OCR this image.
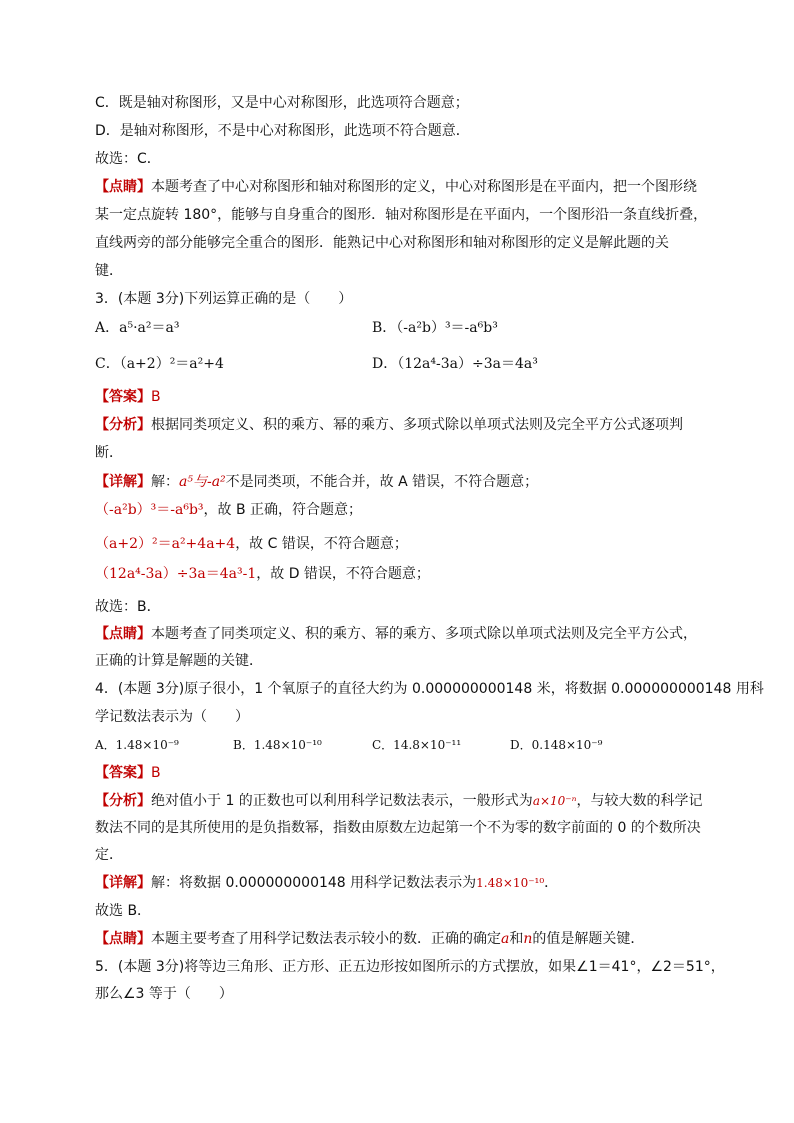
C．既是轴对称图形，又是中心对称图形，此选项符合题意；
D．是轴对称图形，不是中心对称图形，此选项不符合题意．
故选：C．
【点睛】本题考查了中心对称图形和轴对称图形的定义，中心对称图形是在平面内，把一个图形绕
某一定点旋转 180°，能够与自身重合的图形．轴对称图形是在平面内，一个图形沿一条直线折叠，
直线两旁的部分能够完全重合的图形．能熟记中心对称图形和轴对称图形的定义是解此题的关
键．
3．(本题 3分)下列运算正确的是（　　）
A．a⁵·a²＝a³	B．（-a²b）³＝-a⁶b³
C．（a+2）²＝a²+4	D．（12a⁴-3a）÷3a＝4a³
【答案】B
【分析】根据同类项定义、积的乘方、幂的乘方、多项式除以单项式法则及完全平方公式逐项判
断．
【详解】解：a⁵与-a²不是同类项，不能合并，故 A 错误，不符合题意；
（-a²b）³＝-a⁶b³，故 B 正确，符合题意；
（a+2）²＝a²+4a+4，故 C 错误，不符合题意；
（12a⁴-3a）÷3a＝4a³-1，故 D 错误，不符合题意；
故选：B．
【点睛】本题考查了同类项定义、积的乘方、幂的乘方、多项式除以单项式法则及完全平方公式，
正确的计算是解题的关键．
4．(本题 3分)原子很小，1 个氧原子的直径大约为 0.000000000148 米，将数据 0.000000000148 用科
学记数法表示为（　　）
A．1.48×10⁻⁹	B．1.48×10⁻¹⁰	C．14.8×10⁻¹¹	D．0.148×10⁻⁹
【答案】B
【分析】绝对值小于 1 的正数也可以利用科学记数法表示，一般形式为a×10⁻ⁿ，与较大数的科学记
数法不同的是其所使用的是负指数幂，指数由原数左边起第一个不为零的数字前面的 0 的个数所决
定．
【详解】解：将数据 0.000000000148 用科学记数法表示为1.48×10⁻¹⁰．
故选 B．
【点睛】本题主要考查了用科学记数法表示较小的数．正确的确定a和n的值是解题关键．
5．(本题 3分)将等边三角形、正方形、正五边形按如图所示的方式摆放，如果∠1＝41°，∠2＝51°，
那么∠3 等于（　　）
